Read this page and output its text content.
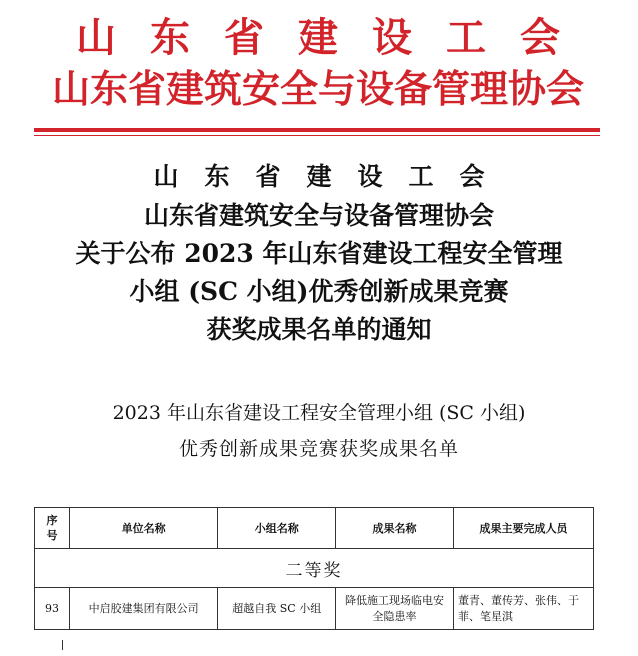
山东省建设工会
山东省建筑安全与设备管理协会
山东省建设工会
山东省建筑安全与设备管理协会
关于公布 2023 年山东省建设工程安全管理
小组 (SC 小组)优秀创新成果竞赛
获奖成果名单的通知
2023 年山东省建设工程安全管理小组 (SC 小组)
优秀创新成果竞赛获奖成果名单
序号	单位名称	小组名称	成果名称	成果主要完成人员
二等奖				
93	中启胶建集团有限公司	超越自我 SC 小组	降低施工现场临电安全隐患率	董青、董传芳、张伟、于菲、笔星淇
